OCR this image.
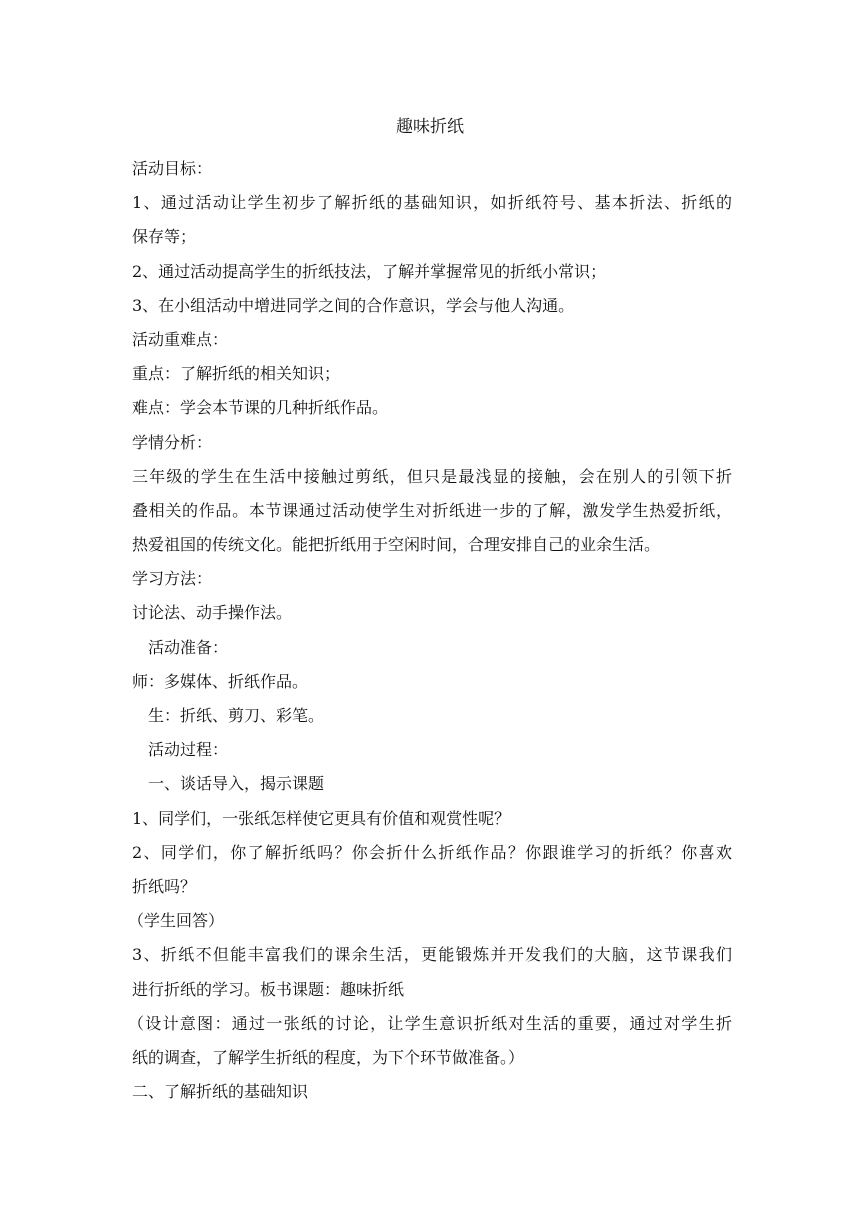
趣味折纸
活动目标：
1、通过活动让学生初步了解折纸的基础知识，如折纸符号、基本折法、折纸的
保存等；
2、通过活动提高学生的折纸技法，了解并掌握常见的折纸小常识；
3、在小组活动中增进同学之间的合作意识，学会与他人沟通。
活动重难点：
重点：了解折纸的相关知识；
难点：学会本节课的几种折纸作品。
学情分析：
三年级的学生在生活中接触过剪纸，但只是最浅显的接触，会在别人的引领下折
叠相关的作品。本节课通过活动使学生对折纸进一步的了解，激发学生热爱折纸，
热爱祖国的传统文化。能把折纸用于空闲时间，合理安排自己的业余生活。
学习方法：
讨论法、动手操作法。
活动准备：
师：多媒体、折纸作品。
生：折纸、剪刀、彩笔。
活动过程：
一、谈话导入，揭示课题
1、同学们，一张纸怎样使它更具有价值和观赏性呢？
2、同学们，你了解折纸吗？你会折什么折纸作品？你跟谁学习的折纸？你喜欢
折纸吗？
（学生回答）
3、折纸不但能丰富我们的课余生活，更能锻炼并开发我们的大脑，这节课我们
进行折纸的学习。板书课题：趣味折纸
（设计意图：通过一张纸的讨论，让学生意识折纸对生活的重要，通过对学生折
纸的调查，了解学生折纸的程度，为下个环节做准备。）
二、了解折纸的基础知识
